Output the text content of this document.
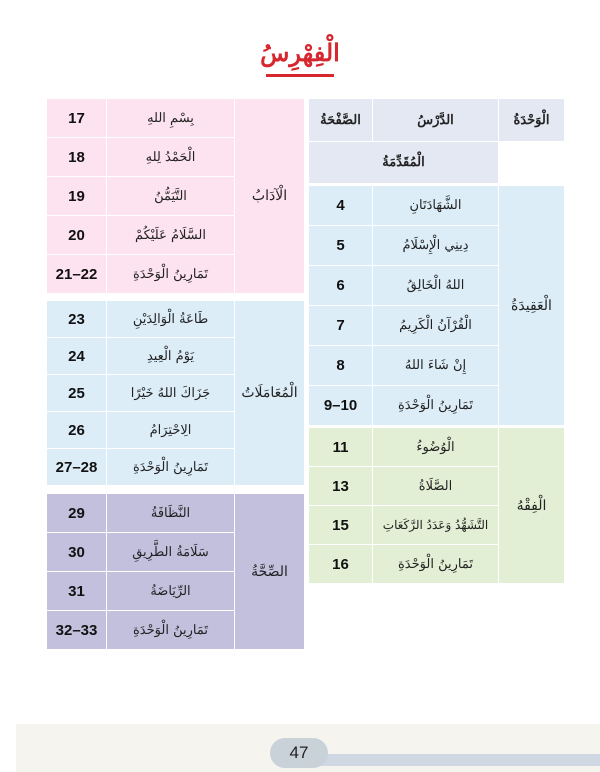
الْفِهْرِسُ
الْوَحْدَةُ	الدَّرْسُ	الصَّفْحَةُ
	الْمُقَدِّمَةُ	
الْعَقِيدَةُ	الشَّهَادَتَانِ	4
	دِينِي الْإِسْلَامُ	5
	اللهُ الْخَالِقُ	6
	الْقُرْآنُ الْكَرِيمُ	7
	إِنْ شَاءَ اللهُ	8
	تَمَارِينُ الْوَحْدَةِ	10–9
الْفِقْهُ	الْوُضُوءُ	11
	الصَّلَاةُ	13
	التَّشَهُّدُ وَعَدَدُ الرَّكَعَاتِ	15
	تَمَارِينُ الْوَحْدَةِ	16
الْآدَابُ	بِسْمِ اللهِ	17
	الْحَمْدُ لِلهِ	18
	التَّيَمُّنُ	19
	السَّلَامُ عَلَيْكُمْ	20
	تَمَارِينُ الْوَحْدَةِ	22–21
الْمُعَامَلَاتُ	طَاعَةُ الْوَالِدَيْنِ	23
	يَوْمُ الْعِيدِ	24
	جَزَاكَ اللهُ خَيْرًا	25
	الِاحْتِرَامُ	26
	تَمَارِينُ الْوَحْدَةِ	28–27
الصِّحَّةُ	النَّظَافَةُ	29
	سَلَامَةُ الطَّرِيقِ	30
	الرِّيَاضَةُ	31
	تَمَارِينُ الْوَحْدَةِ	33–32
47
